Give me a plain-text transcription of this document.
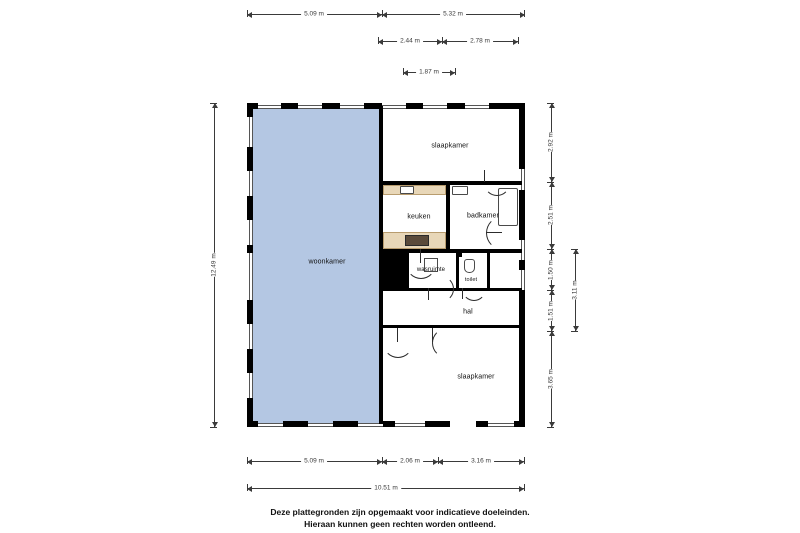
woonkamer
slaapkamer
keuken	badkamer
wasruimte
toilet
hal
slaapkamer
5.09 m	5.32 m
2.44 m	2.78 m
1.87 m
12.49 m
2.92 m
2.51 m
1.50 m
1.51 m
3.65 m
3.11 m
5.09 m	2.06 m	3.16 m
10.51 m
Deze plattegronden zijn opgemaakt voor indicatieve doeleinden.
Hieraan kunnen geen rechten worden ontleend.
